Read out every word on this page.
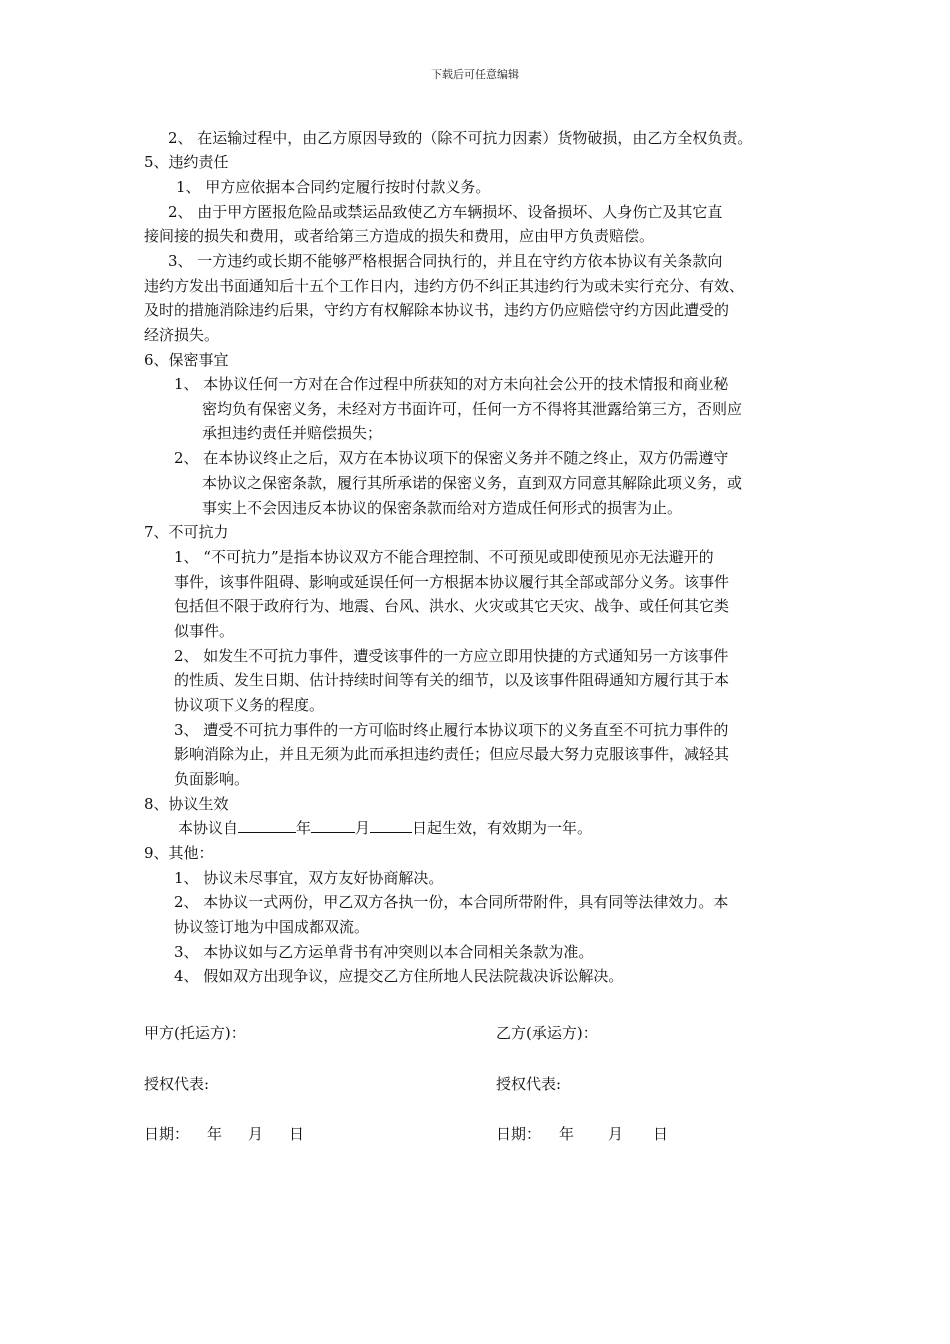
下载后可任意编辑
2、 在运输过程中，由乙方原因导致的（除不可抗力因素）货物破损，由乙方全权负责。
5、违约责任
1、 甲方应依据本合同约定履行按时付款义务。
2、 由于甲方匿报危险品或禁运品致使乙方车辆损坏、设备损坏、人身伤亡及其它直
接间接的损失和费用，或者给第三方造成的损失和费用，应由甲方负责赔偿。
3、 一方违约或长期不能够严格根据合同执行的，并且在守约方依本协议有关条款向
违约方发出书面通知后十五个工作日内，违约方仍不纠正其违约行为或未实行充分、有效、
及时的措施消除违约后果，守约方有权解除本协议书，违约方仍应赔偿守约方因此遭受的
经济损失。
6、保密事宜
1、 本协议任何一方对在合作过程中所获知的对方未向社会公开的技术情报和商业秘
密均负有保密义务，未经对方书面许可，任何一方不得将其泄露给第三方，否则应
承担违约责任并赔偿损失；
2、 在本协议终止之后，双方在本协议项下的保密义务并不随之终止，双方仍需遵守
本协议之保密条款，履行其所承诺的保密义务，直到双方同意其解除此项义务，或
事实上不会因违反本协议的保密条款而给对方造成任何形式的损害为止。
7、不可抗力
1、 “不可抗力”是指本协议双方不能合理控制、不可预见或即使预见亦无法避开的
事件，该事件阻碍、影响或延误任何一方根据本协议履行其全部或部分义务。该事件
包括但不限于政府行为、地震、台风、洪水、火灾或其它天灾、战争、或任何其它类
似事件。
2、 如发生不可抗力事件，遭受该事件的一方应立即用快捷的方式通知另一方该事件
的性质、发生日期、估计持续时间等有关的细节，以及该事件阻碍通知方履行其于本
协议项下义务的程度。
3、 遭受不可抗力事件的一方可临时终止履行本协议项下的义务直至不可抗力事件的
影响消除为止，并且无须为此而承担违约责任；但应尽最大努力克服该事件，减轻其
负面影响。
8、协议生效
本协议自	年	月	日起生效，有效期为一年。
9、其他：
1、 协议未尽事宜，双方友好协商解决。
2、 本协议一式两份，甲乙双方各执一份，本合同所带附件，具有同等法律效力。本
协议签订地为中国成都双流。
3、 本协议如与乙方运单背书有冲突则以本合同相关条款为准。
4、 假如双方出现争议，应提交乙方住所地人民法院裁决诉讼解决。
甲方(托运方)：	乙方(承运方)：
授权代表:	授权代表:
日期： 年 月 日	日期： 年 月 日
